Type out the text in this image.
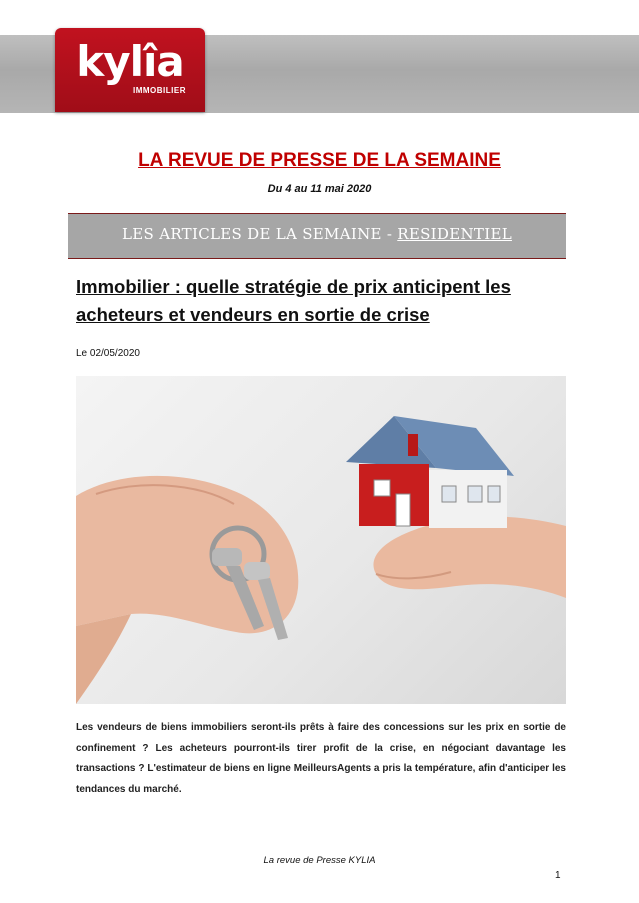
UNE FAMILLE DE SPECIALISTES
kylîa
IMMOBILIER
LA REVUE DE PRESSE DE LA SEMAINE
Du 4 au 11 mai 2020
LES ARTICLES DE LA SEMAINE - RESIDENTIEL
Immobilier : quelle stratégie de prix anticipent les acheteurs et vendeurs en sortie de crise
Le 02/05/2020
Les vendeurs de biens immobiliers seront-ils prêts à faire des concessions sur les prix en sortie de confinement ? Les acheteurs pourront-ils tirer profit de la crise, en négociant davantage les transactions ? L'estimateur de biens en ligne MeilleursAgents a pris la température, afin d'anticiper les tendances du marché.
La revue de Presse KYLIA
1
